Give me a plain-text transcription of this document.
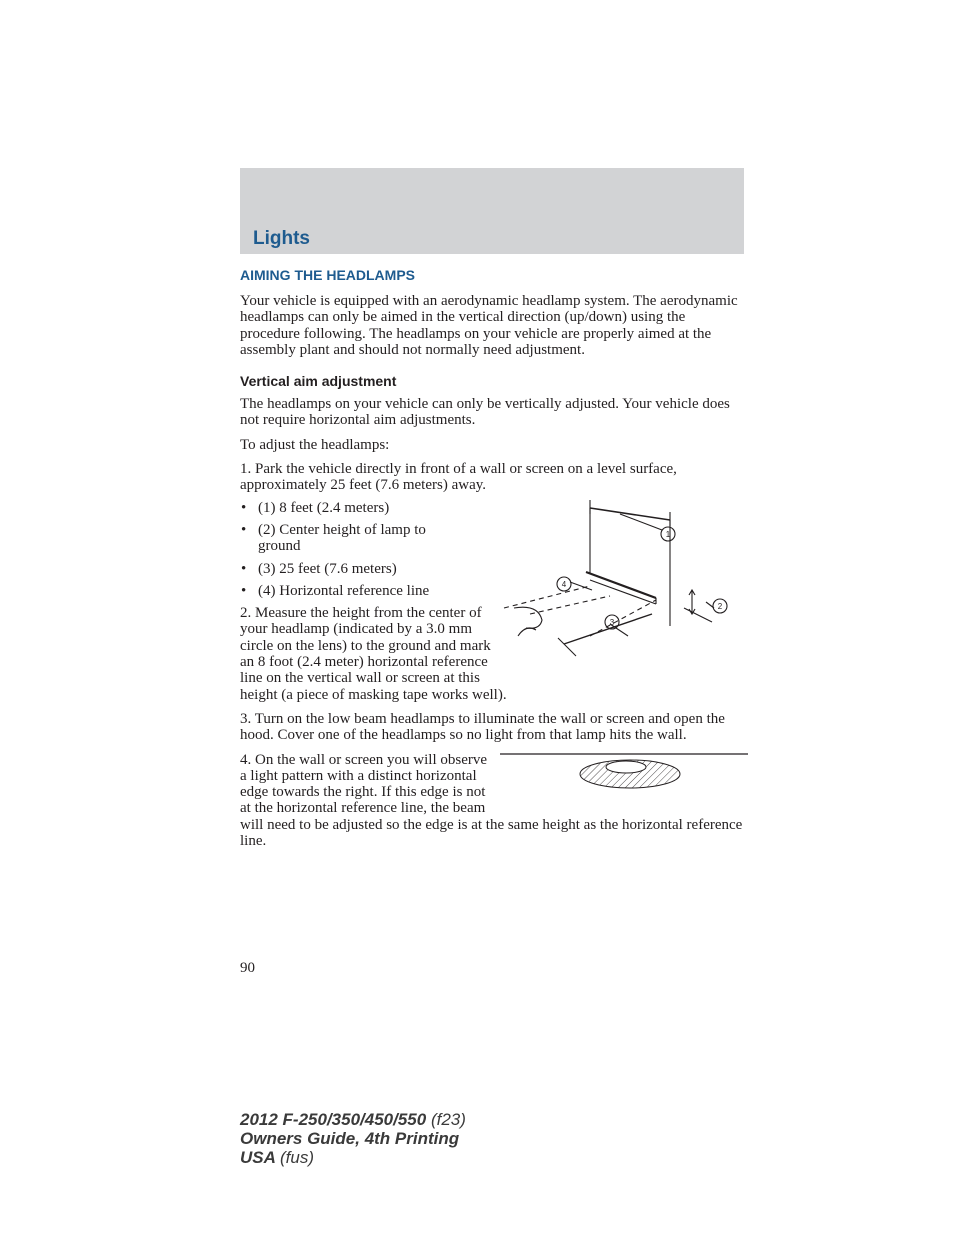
Lights
AIMING THE HEADLAMPS

Your vehicle is equipped with an aerodynamic headlamp system. The aerodynamic headlamps can only be aimed in the vertical direction (up/down) using the procedure following. The headlamps on your vehicle are properly aimed at the assembly plant and should not normally need adjustment.

Vertical aim adjustment

The headlamps on your vehicle can only be vertically adjusted. Your vehicle does not require horizontal aim adjustments.

To adjust the headlamps:

1. Park the vehicle directly in front of a wall or screen on a level surface, approximately 25 feet (7.6 meters) away.

1
4
2
3
• (1) 8 feet (2.4 meters)
• (2) Center height of lamp to ground
• (3) 25 feet (7.6 meters)
• (4) Horizontal reference line

2. Measure the height from the center of your headlamp (indicated by a 3.0 mm circle on the lens) to the ground and mark an 8 foot (2.4 meter) horizontal reference line on the vertical wall or screen at this height (a piece of masking tape works well).

3. Turn on the low beam headlamps to illuminate the wall or screen and open the hood. Cover one of the headlamps so no light from that lamp hits the wall.

4. On the wall or screen you will observe a light pattern with a distinct horizontal edge towards the right. If this edge is not at the horizontal reference line, the beam will need to be adjusted so the edge is at the same height as the horizontal reference line.

90
2012 F-250/350/450/550 (f23)
Owners Guide, 4th Printing
USA (fus)
